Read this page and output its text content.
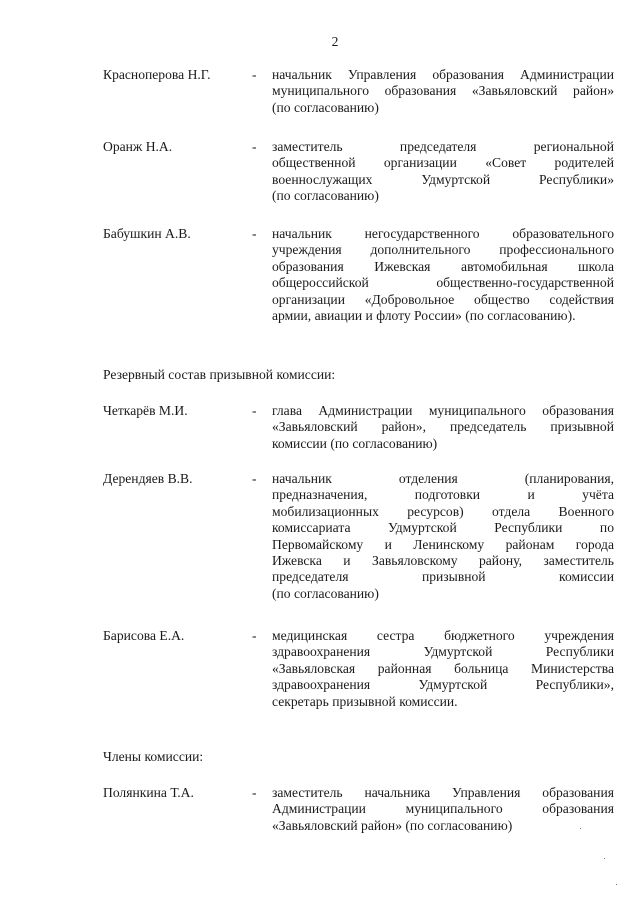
2
Красноперова Н.Г.	- начальник Управления образования Администрации
муниципального образования «Завьяловский район»
(по согласованию)
Оранж Н.А.	- заместитель председателя региональной
общественной организации «Совет родителей
военнослужащих Удмуртской Республики»
(по согласованию)
Бабушкин А.В.	- начальник негосударственного образовательного
учреждения дополнительного профессионального
образования Ижевская автомобильная школа
общероссийской общественно-государственной
организации «Добровольное общество содействия
армии, авиации и флоту России» (по согласованию).
Резервный состав призывной комиссии:
Четкарёв М.И.	- глава Администрации муниципального образования
«Завьяловский район», председатель призывной
комиссии (по согласованию)
Дерендяев В.В.	- начальник отделения (планирования,
предназначения, подготовки и учёта
мобилизационных ресурсов) отдела Военного
комиссариата Удмуртской Республики по
Первомайскому и Ленинскому районам города
Ижевска и Завьяловскому району, заместитель
председателя призывной комиссии
(по согласованию)
Барисова Е.А.	- медицинская сестра бюджетного учреждения
здравоохранения Удмуртской Республики
«Завьяловская районная больница Министерства
здравоохранения Удмуртской Республики»,
секретарь призывной комиссии.
Члены комиссии:
Полянкина Т.А.	- заместитель начальника Управления образования
Администрации муниципального образования
«Завьяловский район» (по согласованию)
